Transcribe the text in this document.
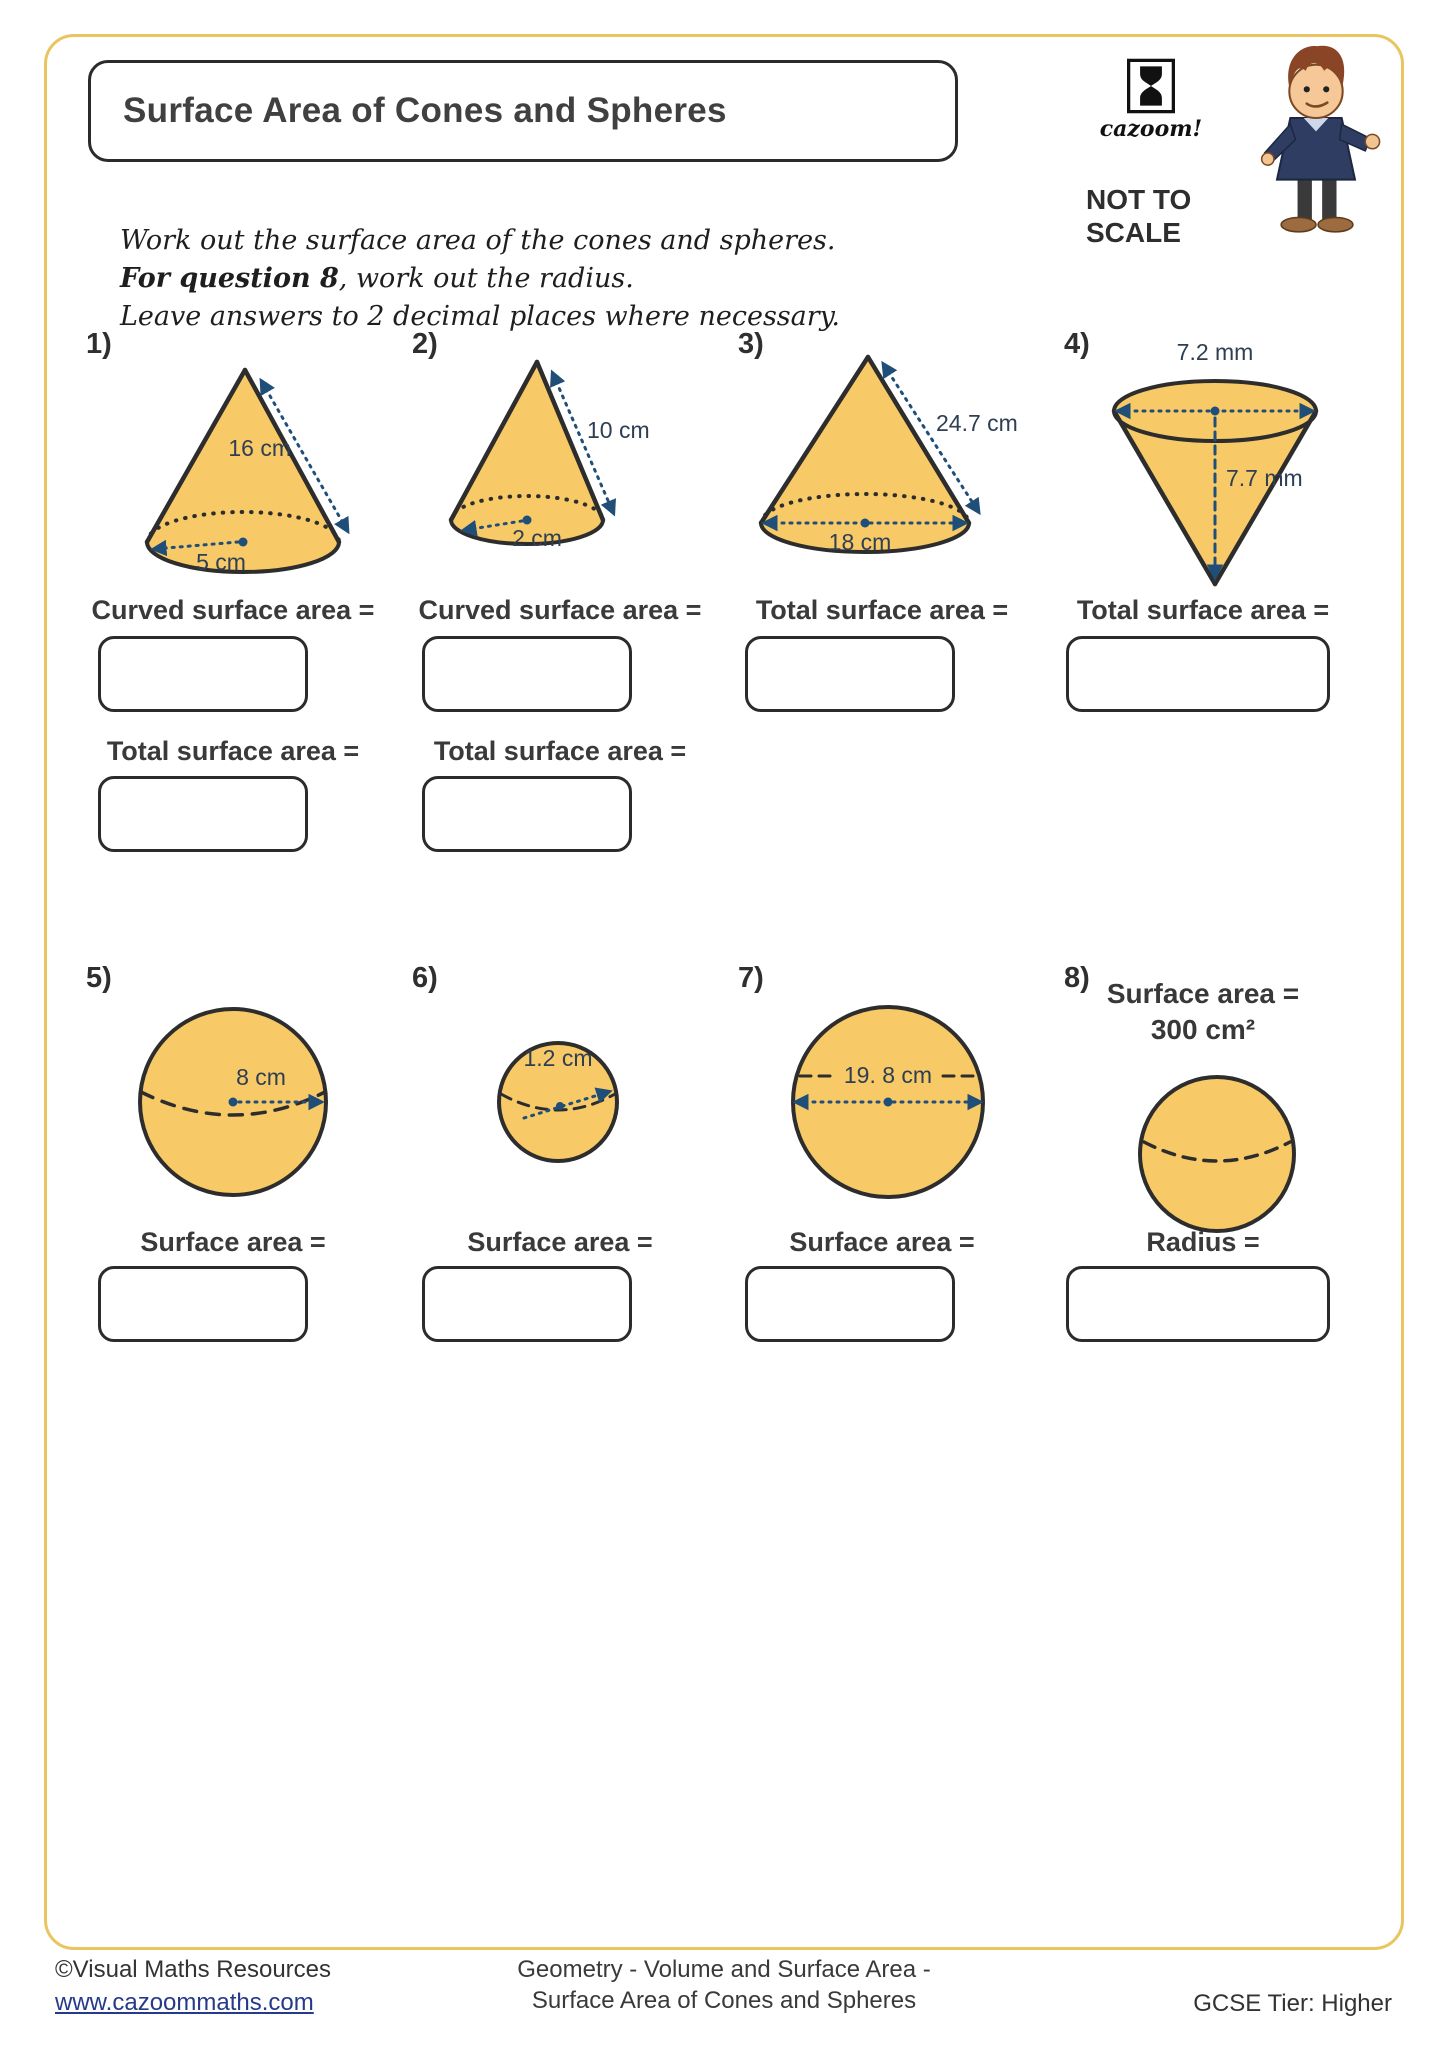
Surface Area of Cones and Spheres	cazoom!
NOT TO SCALE
Work out the surface area of the cones and spheres.
For question 8, work out the radius.
Leave answers to 2 decimal places where necessary.
1)	2)	3)	4)
16 cm
5 cm
10 cm
2 cm
24.7 cm
18 cm
7.2 mm
7.7 mm
Curved surface area =	Curved surface area =	Total surface area =	Total surface area =
Total surface area =	Total surface area =
5)	6)	7)	8) Surface area =
300 cm²
8 cm
1.2 cm
19. 8 cm
Surface area =	Surface area =	Surface area =	Radius =
©Visual Maths Resources
www.cazoommaths.com
Geometry - Volume and Surface Area -
Surface Area of Cones and Spheres	GCSE Tier: Higher
